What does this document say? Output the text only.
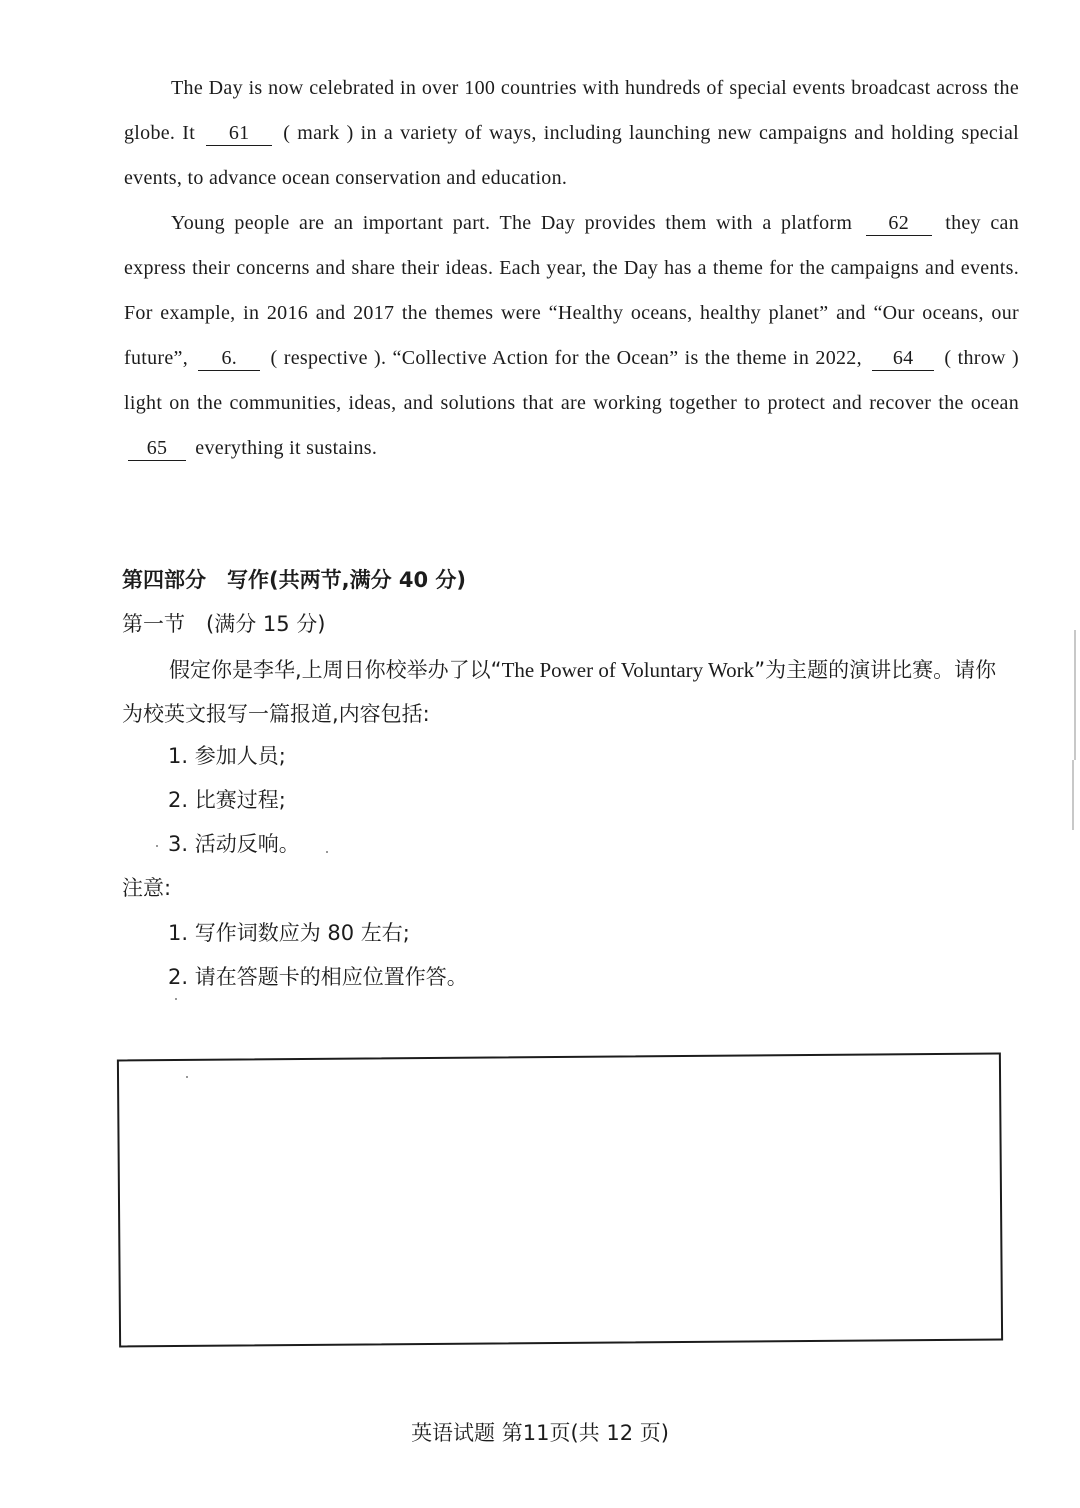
The Day is now celebrated in over 100 countries with hundreds of special events broadcast across the globe. It 61 ( mark ) in a variety of ways, including launching new campaigns and holding special events, to advance ocean conservation and education.
Young people are an important part. The Day provides them with a platform 62 they can express their concerns and share their ideas. Each year, the Day has a theme for the campaigns and events. For example, in 2016 and 2017 the themes were “Healthy oceans, healthy planet” and “Our oceans, our future”, 6. ( respective ). “Collective Action for the Ocean” is the theme in 2022, 64 ( throw ) light on the communities, ideas, and solutions that are working together to protect and recover the ocean 65 everything it sustains.
第四部分　写作(共两节,满分 40 分)
第一节　(满分 15 分)
假定你是李华,上周日你校举办了以“The Power of Voluntary Work”为主题的演讲比赛。请你为校英文报写一篇报道,内容包括:
1. 参加人员;
2. 比赛过程;
3. 活动反响。
注意:
1. 写作词数应为 80 左右;
2. 请在答题卡的相应位置作答。
英语试题 第11页(共 12 页)
